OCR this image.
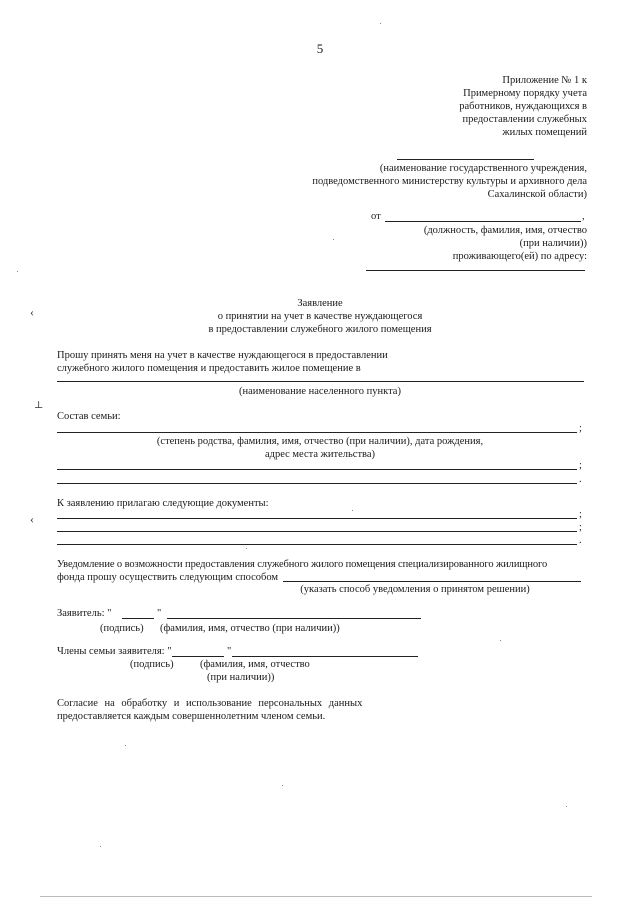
5
Приложение № 1 к
Примерному порядку учета
работников, нуждающихся в
предоставлении служебных
жилых помещений
(наименование государственного учреждения,
подведомственного министерству культуры и архивного дела
Сахалинской области)
от	,
(должность, фамилия, имя, отчество
(при наличии))
проживающего(ей) по адресу:
‹
⊥
‹
Заявление
о принятии на учет в качестве нуждающегося
в предоставлении служебного жилого помещения
Прошу принять меня на учет в качестве нуждающегося в предоставлении
служебного жилого помещения и предоставить жилое помещение в
(наименование населенного пункта)
Состав семьи:
;
(степень родства, фамилия, имя, отчество (при наличии), дата рождения,
адрес места жительства)
;
.
К заявлению прилагаю следующие документы:
;
;
.
Уведомление о возможности предоставления служебного жилого помещения специализированного жилищного
фонда прошу осуществить следующим способом
(указать способ уведомления о принятом решении)
Заявитель: "	"
(подпись) (фамилия, имя, отчество (при наличии))
Члены семьи заявителя: "	"
(подпись)	(фамилия, имя, отчество
(при наличии))
Согласие на обработку и использование персональных данных
предоставляется каждым совершеннолетним членом семьи.
